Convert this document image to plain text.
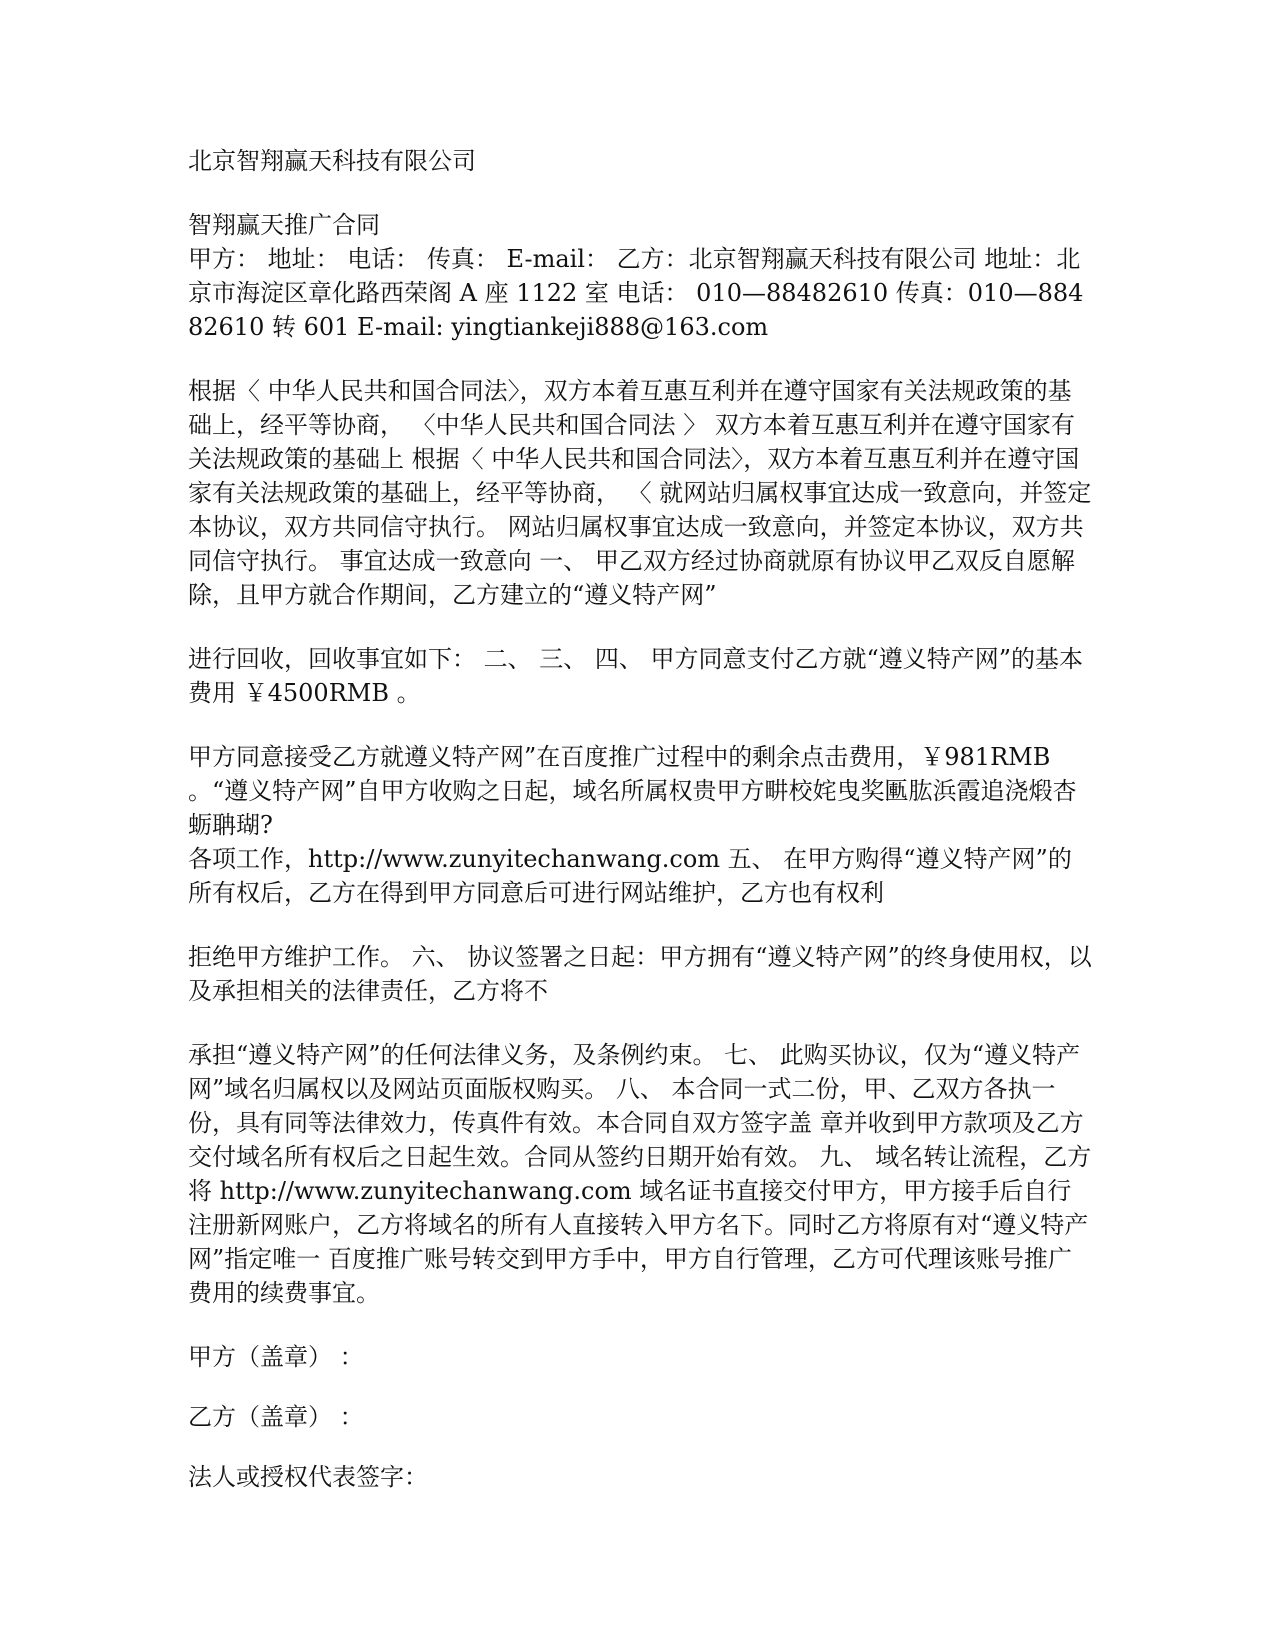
北京智翔赢天科技有限公司

智翔赢天推广合同

甲方： 地址： 电话： 传真： E-mail： 乙方：北京智翔赢天科技有限公司 地址：北京市海淀区章化路西荣阁 A 座 1122 室 电话： 010—88482610 传真：010—88482610 转 601 E-mail: yingtiankeji888@163.com

根据〈 中华人民共和国合同法〉，双方本着互惠互利并在遵守国家有关法规政策的基础上，经平等协商， 〈中华人民共和国合同法 〉 双方本着互惠互利并在遵守国家有关法规政策的基础上 根据〈 中华人民共和国合同法〉，双方本着互惠互利并在遵守国家有关法规政策的基础上，经平等协商， 〈 就网站归属权事宜达成一致意向，并签定本协议，双方共同信守执行。 网站归属权事宜达成一致意向，并签定本协议，双方共同信守执行。 事宜达成一致意向 一、 甲乙双方经过协商就原有协议甲乙双反自愿解除，且甲方就合作期间，乙方建立的“遵义特产网”

进行回收，回收事宜如下： 二、 三、 四、 甲方同意支付乙方就“遵义特产网”的基本费用 ￥4500RMB 。

甲方同意接受乙方就遵义特产网”在百度推广过程中的剩余点击费用，￥981RMB 。“遵义特产网”自甲方收购之日起，域名所属权贵甲方畊校姹曳奖匭肱浜霞追浇煅杏蛎聃瑚?

各项工作，http://www.zunyitechanwang.com 五、 在甲方购得“遵义特产网”的所有权后，乙方在得到甲方同意后可进行网站维护，乙方也有权利

拒绝甲方维护工作。 六、 协议签署之日起：甲方拥有“遵义特产网”的终身使用权，以及承担相关的法律责任，乙方将不

承担“遵义特产网”的任何法律义务，及条例约束。 七、 此购买协议，仅为“遵义特产网”域名归属权以及网站页面版权购买。 八、 本合同一式二份，甲、乙双方各执一份，具有同等法律效力，传真件有效。本合同自双方签字盖 章并收到甲方款项及乙方交付域名所有权后之日起生效。合同从签约日期开始有效。 九、 域名转让流程，乙方将 http://www.zunyitechanwang.com 域名证书直接交付甲方，甲方接手后自行 注册新网账户，乙方将域名的所有人直接转入甲方名下。同时乙方将原有对“遵义特产网”指定唯一 百度推广账号转交到甲方手中，甲方自行管理，乙方可代理该账号推广费用的续费事宜。

甲方（盖章） ：

乙方（盖章） ：

法人或授权代表签字：
